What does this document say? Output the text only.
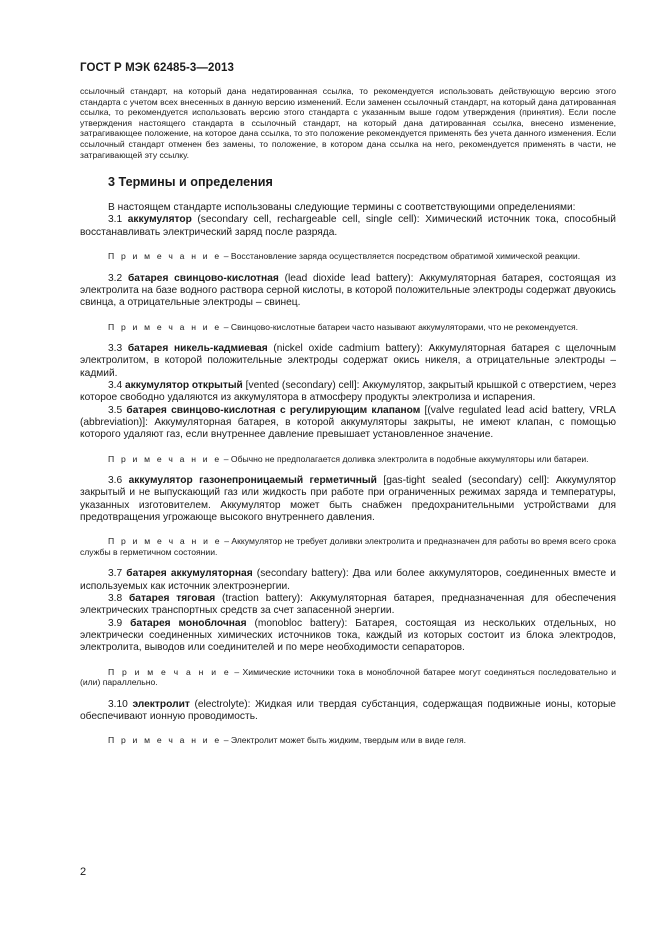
ГОСТ Р МЭК 62485-3—2013

ссылочный стандарт, на который дана недатированная ссылка, то рекомендуется использовать действующую версию этого стандарта с учетом всех внесенных в данную версию изменений. Если заменен ссылочный стандарт, на который дана датированная ссылка, то рекомендуется использовать версию этого стандарта с указанным выше годом утверждения (принятия). Если после утверждения настоящего стандарта в ссылочный стандарт, на который дана датированная ссылка, внесено изменение, затрагивающее положение, на которое дана ссылка, то это положение рекомендуется применять без учета данного изменения. Если ссылочный стандарт отменен без замены, то положение, в котором дана ссылка на него, рекомендуется применять в части, не затрагивающей эту ссылку.

3 Термины и определения

В настоящем стандарте использованы следующие термины с соответствующими определениями:

3.1 аккумулятор (secondary cell, rechargeable cell, single cell): Химический источник тока, способный восстанавливать электрический заряд после разряда.

П р и м е ч а н и е – Восстановление заряда осуществляется посредством обратимой химической реакции.

3.2 батарея свинцово-кислотная (lead dioxide lead battery): Аккумуляторная батарея, состоящая из электролита на базе водного раствора серной кислоты, в которой положительные электроды содержат двуокись свинца, а отрицательные электроды – свинец.

П р и м е ч а н и е – Свинцово-кислотные батареи часто называют аккумуляторами, что не рекомендуется.

3.3 батарея никель-кадмиевая (nickel oxide cadmium battery): Аккумуляторная батарея с щелочным электролитом, в которой положительные электроды содержат окись никеля, а отрицательные электроды – кадмий.

3.4 аккумулятор открытый [vented (secondary) cell]: Аккумулятор, закрытый крышкой с отверстием, через которое свободно удаляются из аккумулятора в атмосферу продукты электролиза и испарения.

3.5 батарея свинцово-кислотная с регулирующим клапаном [(valve regulated lead acid battery, VRLA (abbreviation)]: Аккумуляторная батарея, в которой аккумуляторы закрыты, не имеют клапан, с помощью которого удаляют газ, если внутреннее давление превышает установленное значение.

П р и м е ч а н и е – Обычно не предполагается доливка электролита в подобные аккумуляторы или батареи.

3.6 аккумулятор газонепроницаемый герметичный [gas-tight sealed (secondary) cell]: Аккумулятор закрытый и не выпускающий газ или жидкость при работе при ограниченных режимах заряда и температуры, указанных изготовителем. Аккумулятор может быть снабжен предохранительными устройствами для предотвращения угрожающе высокого внутреннего давления.

П р и м е ч а н и е – Аккумулятор не требует доливки электролита и предназначен для работы во время всего срока службы в герметичном состоянии.

3.7 батарея аккумуляторная (secondary battery): Два или более аккумуляторов, соединенных вместе и используемых как источник электроэнергии.

3.8 батарея тяговая (traction battery): Аккумуляторная батарея, предназначенная для обеспечения электрических транспортных средств за счет запасенной энергии.

3.9 батарея моноблочная (monobloc battery): Батарея, состоящая из нескольких отдельных, но электрически соединенных химических источников тока, каждый из которых состоит из блока электродов, электролита, выводов или соединителей и по мере необходимости сепараторов.

П р и м е ч а н и е – Химические источники тока в моноблочной батарее могут соединяться последовательно и (или) параллельно.

3.10 электролит (electrolyte): Жидкая или твердая субстанция, содержащая подвижные ионы, которые обеспечивают ионную проводимость.

П р и м е ч а н и е – Электролит может быть жидким, твердым или в виде геля.

2
